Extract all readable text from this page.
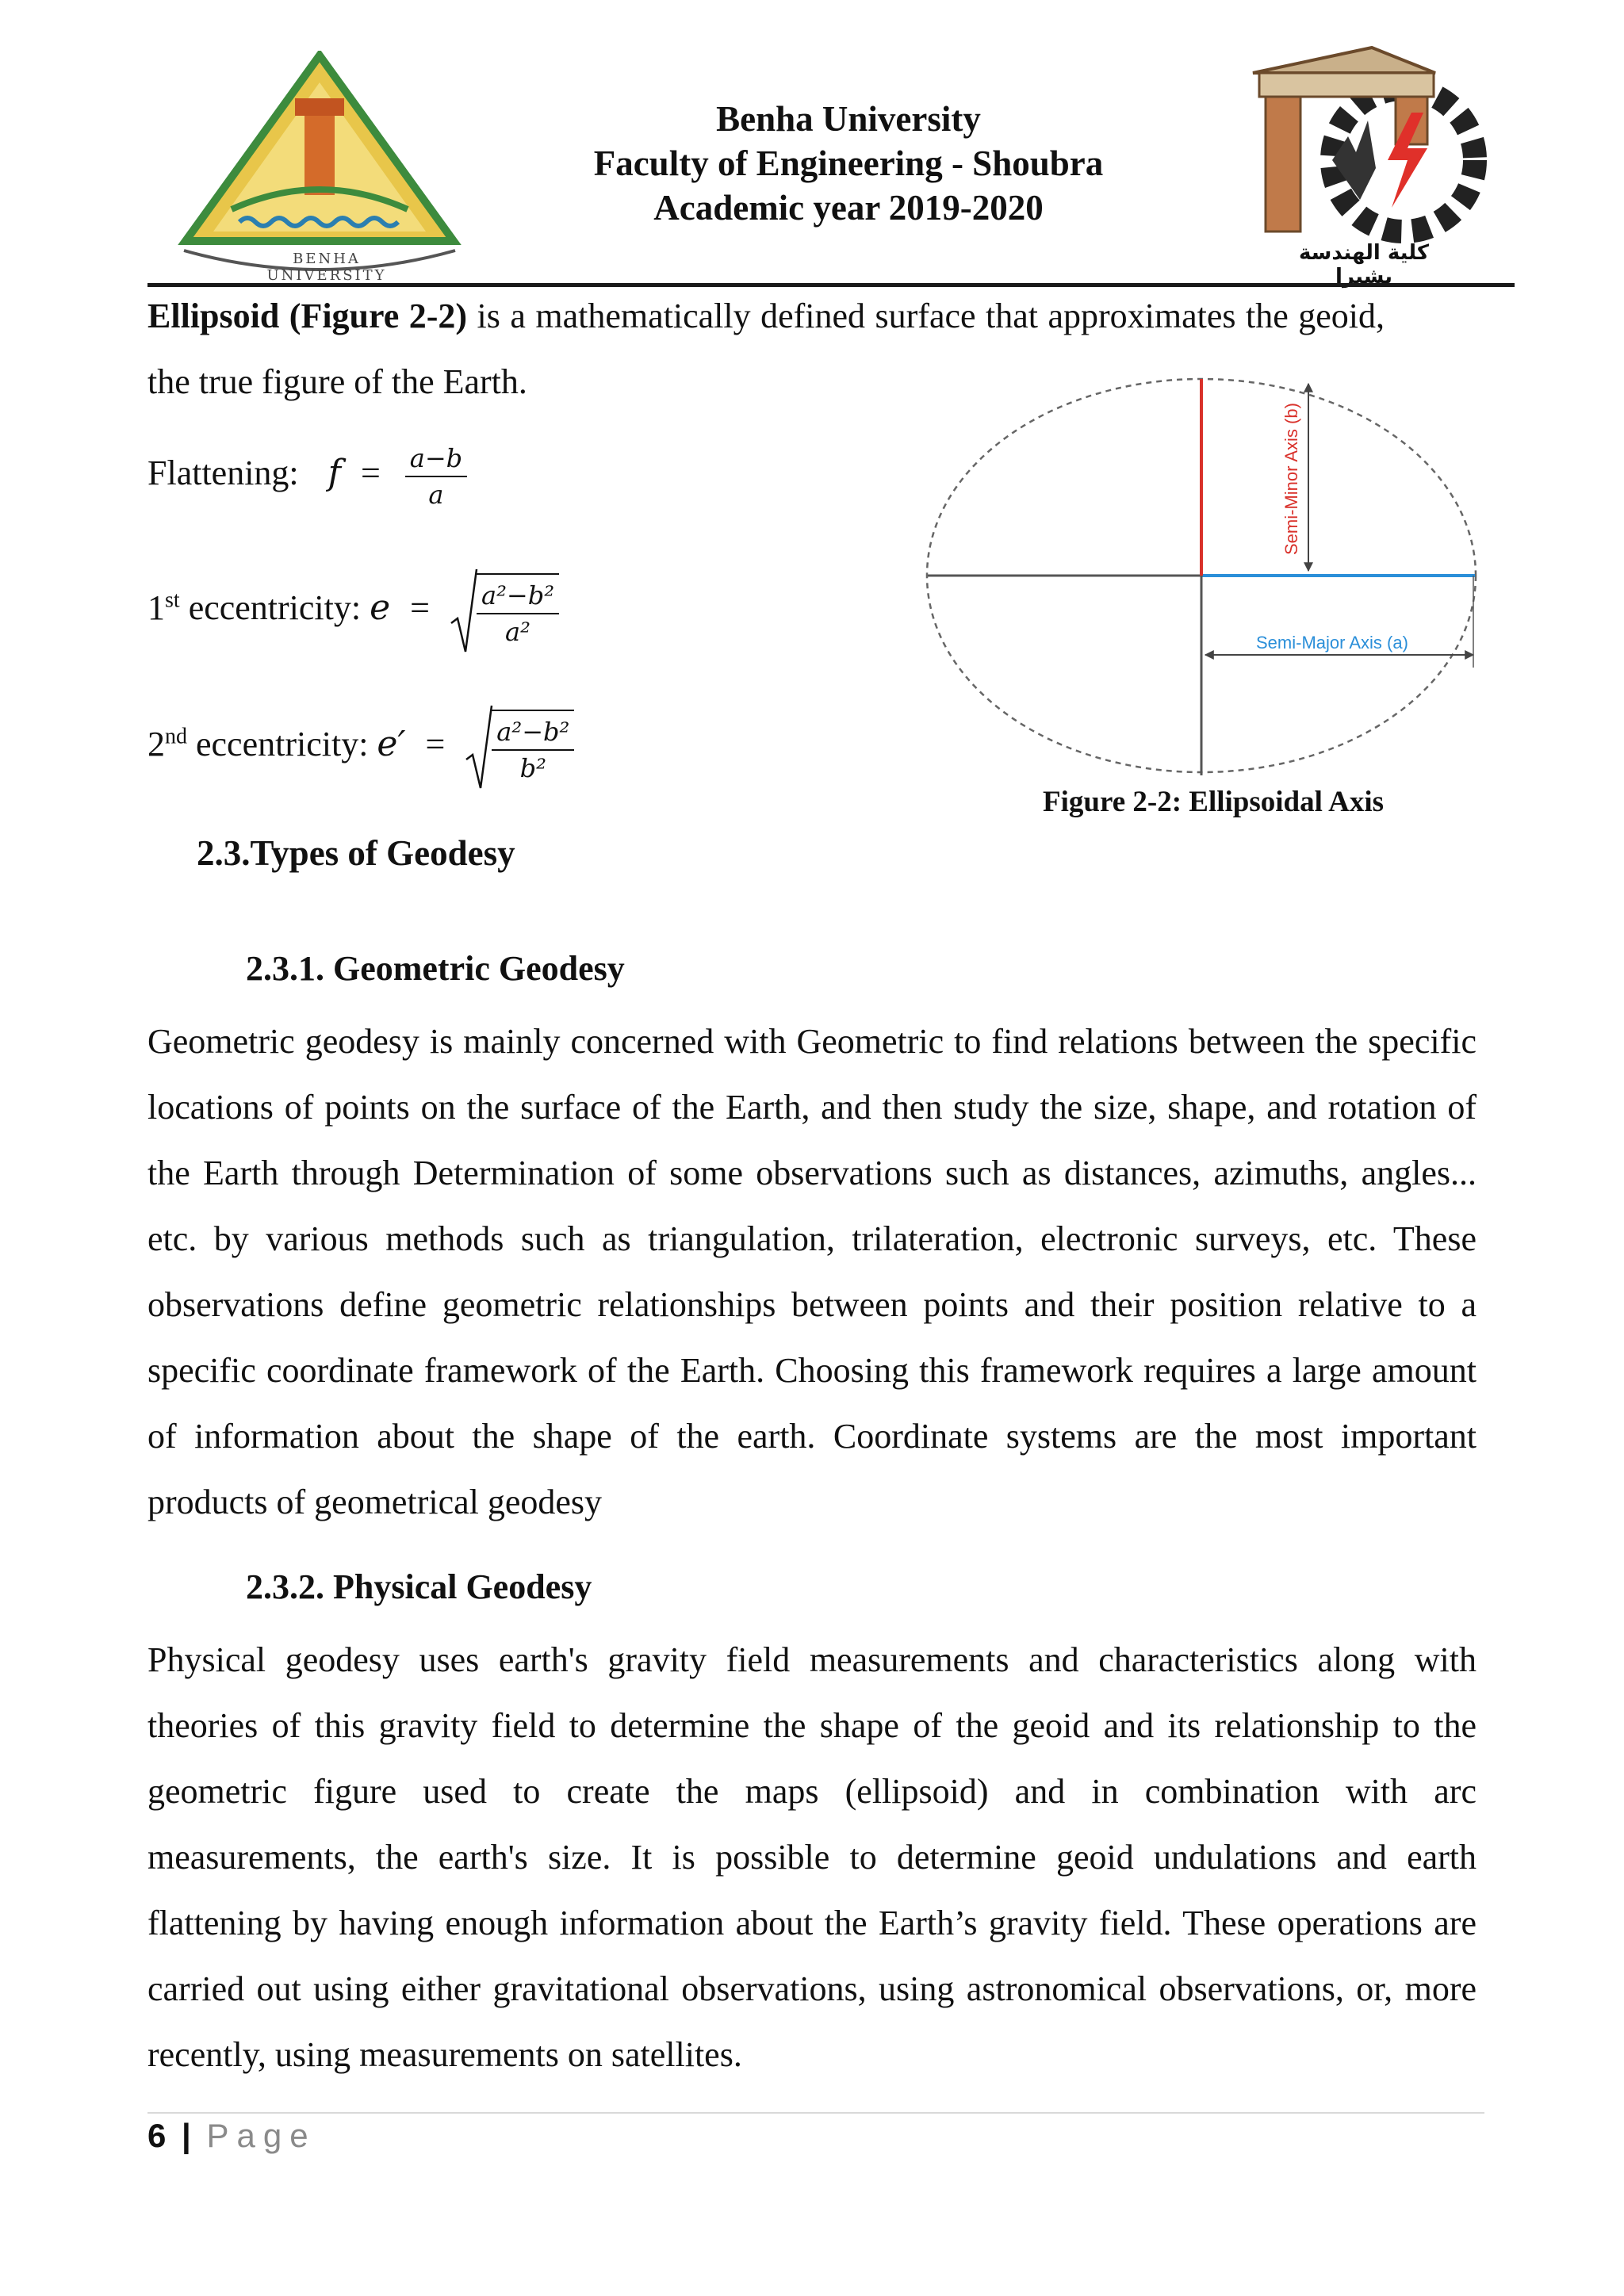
BENHA UNIVERSITY
Benha University
Faculty of Engineering - Shoubra
Academic year 2019-2020
كلية الهندسة بشبرا
Ellipsoid (Figure 2-2) is a mathematically defined surface that approximates the geoid, the true figure of the Earth.
Flattening: $f = \frac{a-b}{a}$
1st eccentricity: $e = \frac{\text{a²−b²}}{\text{a²}}$
2nd eccentricity: $e' = \frac{\text{a²−b²}}{\text{b²}}$
Semi-Minor Axis (b)
Semi-Major Axis (a)
Figure 2-2: Ellipsoidal Axis
2.3.Types of Geodesy
2.3.1. Geometric Geodesy
Geometric geodesy is mainly concerned with Geometric to find relations between the specific locations of points on the surface of the Earth, and then study the size, shape, and rotation of the Earth through Determination of some observations such as distances, azimuths, angles... etc. by various methods such as triangulation, trilateration, electronic surveys, etc. These observations define geometric relationships between points and their position relative to a specific coordinate framework of the Earth. Choosing this framework requires a large amount of information about the shape of the earth. Coordinate systems are the most important products of geometrical geodesy
2.3.2. Physical Geodesy
Physical geodesy uses earth's gravity field measurements and characteristics along with theories of this gravity field to determine the shape of the geoid and its relationship to the geometric figure used to create the maps (ellipsoid) and in combination with arc measurements, the earth's size. It is possible to determine geoid undulations and earth flattening by having enough information about the Earth’s gravity field. These operations are carried out using either gravitational observations, using astronomical observations, or, more recently, using measurements on satellites.
6 | Page
